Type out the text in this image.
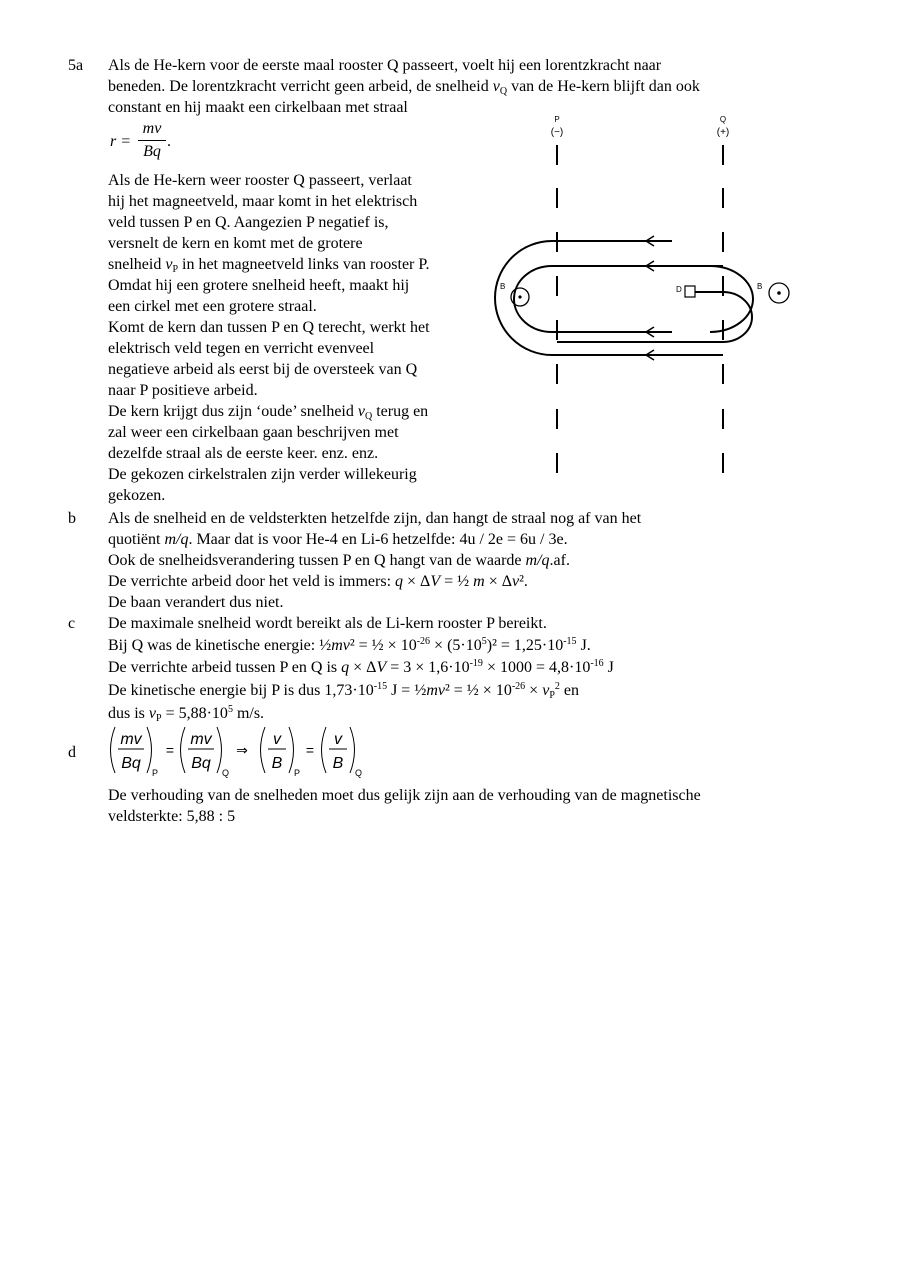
5a Als de He-kern voor de eerste maal rooster Q passeert, voelt hij een lorentzkracht naar
beneden. De lorentzkracht verricht geen arbeid, de snelheid $v_Q$ van de He-kern blijft dan ook
constant en hij maakt een cirkelbaan met straal
r =
mv
Bq
.
Als de He-kern weer rooster Q passeert, verlaat
hij het magneetveld, maar komt in het elektrisch
veld tussen P en Q. Aangezien P negatief is,
versnelt de kern en komt met de grotere
snelheid $v_P$ in het magneetveld links van rooster P.
Omdat hij een grotere snelheid heeft, maakt hij
een cirkel met een grotere straal.
Komt de kern dan tussen P en Q terecht, werkt het
elektrisch veld tegen en verricht evenveel
negatieve arbeid als eerst bij de oversteek van Q
naar P positieve arbeid.
De kern krijgt dus zijn ‘oude’ snelheid $v_Q$ terug en
zal weer een cirkelbaan gaan beschrijven met
dezelfde straal als de eerste keer. enz. enz.
De gekozen cirkelstralen zijn verder willekeurig
gekozen.
P
(−)
Q
(+)
B	B
D
b Als de snelheid en de veldsterkten hetzelfde zijn, dan hangt de straal nog af van het
quotiënt m/q. Maar dat is voor He-4 en Li-6 hetzelfde: 4u / 2e = 6u / 3e.
Ook de snelheidsverandering tussen P en Q hangt van de waarde m/q.af.
De verrichte arbeid door het veld is immers: q × ΔV = ½ m × Δv².
De baan verandert dus niet.
c De maximale snelheid wordt bereikt als de Li-kern rooster P bereikt.
Bij Q was de kinetische energie: ½mv² = ½ × $10^{-26} \times (5\cdot 10^5)^2 = 1,25\cdot 10^{-15}$ J.
De verrichte arbeid tussen P en Q is $q \times \Delta V = 3 \times 1,6\cdot 10^{-19} \times 1000 = 4,8\cdot 10^{-16}$ J
De kinetische energie bij P is dus $1,73\cdot 10^{-15}$ J = ½mv² = ½ × $10^{-26} \times v_P^2$ en
dus is $v_P = 5,88\cdot 10^5$ m/s.
d
mv
Bq
mv
Bq
v
B
v
B
P	Q	P	Q
=	⇒	=
De verhouding van de snelheden moet dus gelijk zijn aan de verhouding van de magnetische
veldsterkte: 5,88 : 5
